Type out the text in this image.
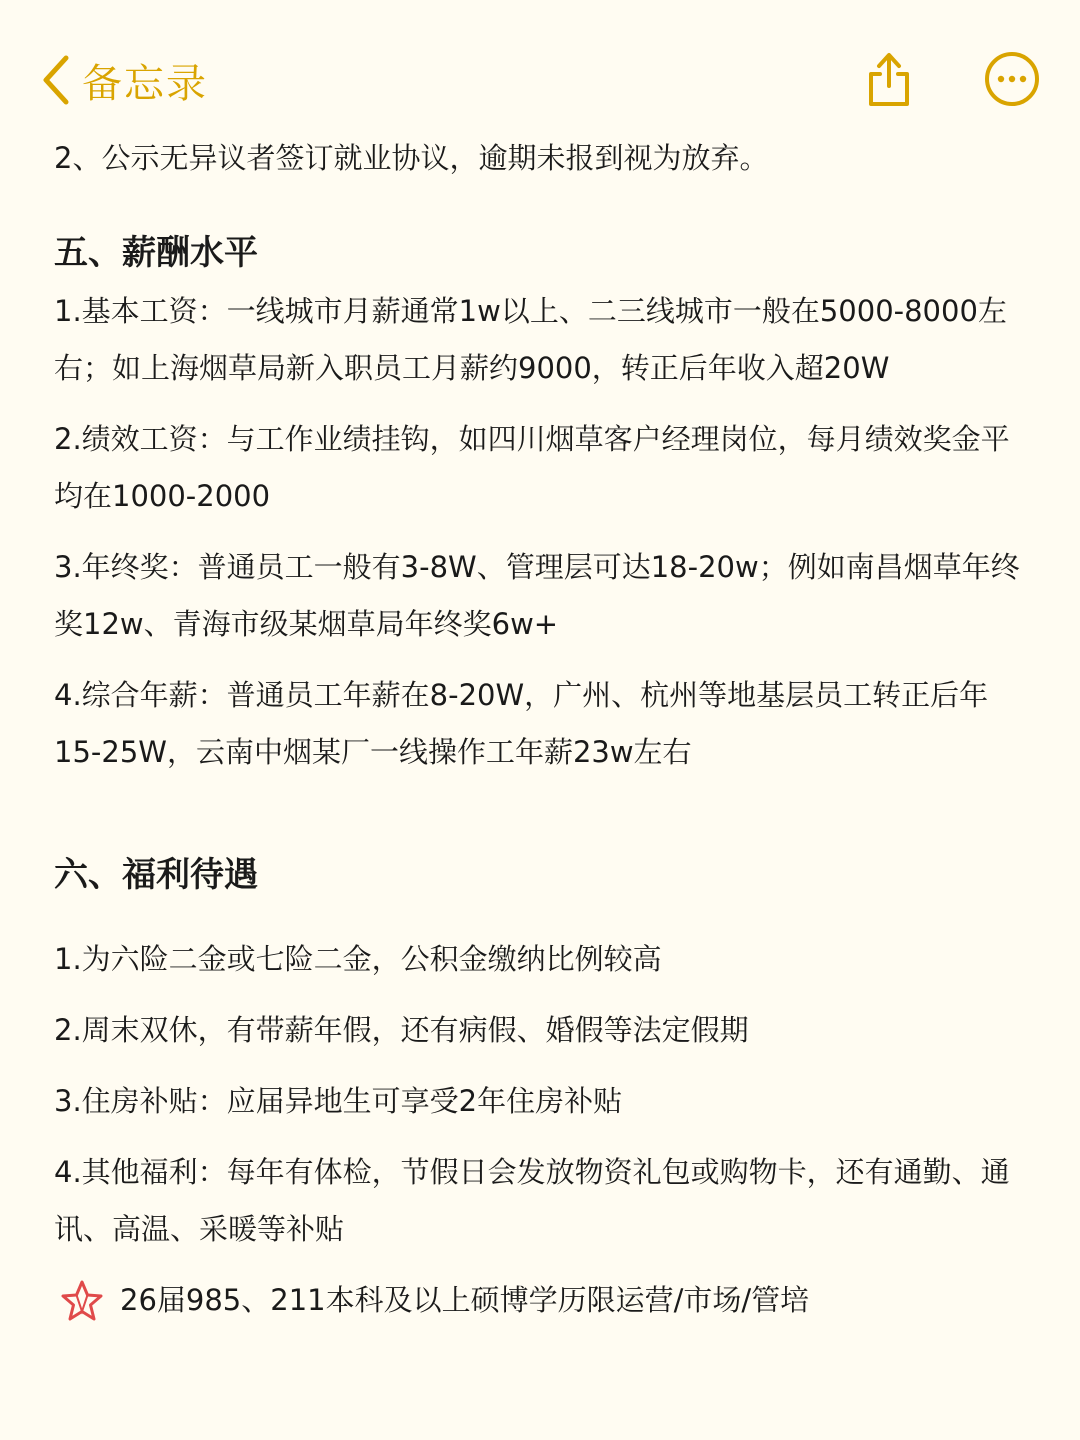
备忘录

2、公示无异议者签订就业协议，逾期未报到视为放弃。

五、薪酬水平

1.基本工资：一线城市月薪通常1w以上、二三线城市一般在5000-8000左右；如上海烟草局新入职员工月薪约9000，转正后年收入超20W

2.绩效工资：与工作业绩挂钩，如四川烟草客户经理岗位，每月绩效奖金平均在1000-2000

3.年终奖：普通员工一般有3-8W、管理层可达18-20w；例如南昌烟草年终奖12w、青海市级某烟草局年终奖6w+

4.综合年薪：普通员工年薪在8-20W，广州、杭州等地基层员工转正后年15-25W，云南中烟某厂一线操作工年薪23w左右

六、福利待遇

1.为六险二金或七险二金，公积金缴纳比例较高

2.周末双休，有带薪年假，还有病假、婚假等法定假期

3.住房补贴：应届异地生可享受2年住房补贴

4.其他福利：每年有体检，节假日会发放物资礼包或购物卡，还有通勤、通讯、高温、采暖等补贴

26届985、211本科及以上硕博学历限运营/市场/管培
